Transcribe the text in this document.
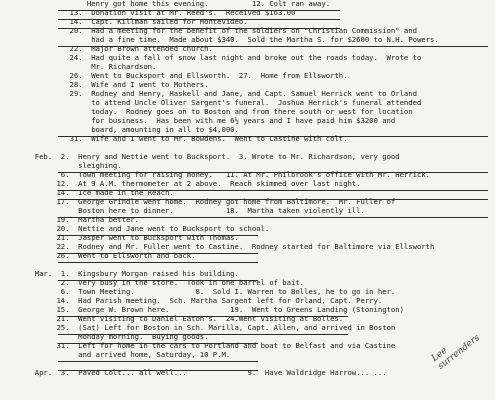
Henry got home this evening.          12. Colt ran away.
13.  Donation visit at Mr. Reed's.  Received $163.00
14.  Capt. Killman sailed for Montevideo.
20.  Had a meeting for the benefit of the soldiers on "Christian Commission" and
had a fine time.  Made about $340.  Sold the Martha S. for $2600 to N.H. Powers.
22.  Major Brown attended church.
24.  Had quite a fall of snow last night and broke out the roads today.  Wrote to
Mr. Richardson.
26.  Went to Bucksport and Ellsworth.  27.  Home from Ellsworth.
28.  Wife and I went to Mothers.
29.  Rodney and Henry, Haskell and Jane, and Capt. Samuel Herrick went to Orland
to attend Uncle Oliver Sargent's funeral.  Joshua Herrick's funeral attended
today.  Rodney goes on to Boston and from there south or west for location
for business.  Has been with me 6½ years and I have paid him $3200 and
board, amounting in all to $4,000.
31.  Wife and I went to Mr. Bowdens.  Went to Castine with colt.
Feb.  2.  Henry and Nettie went to Bucksport.  3. Wrote to Mr. Richardson, very good
sleighing.
6.  Town meeting for raising money.   11. At Mr. Philbrook's office with Mr. Herrick.
12.  At 9 A.M. thermometer at 2 above.  Reach skimmed over last night.
14.  Ice made in the Reach.
17.  George Grindle went home.  Rodney got home from Baltimore.  Mr. Fuller of
Boston here to dinner.            18.  Martha taken violently ill.
19.  Martha better.
20.  Nettie and Jane went to Bucksport to school.
21.  Jasper went to Bucksport with Thomas.
22.  Rodney and Mr. Fuller went to Castine.  Rodney started for Baltimore via Ellsworth
26.  Went to Ellsworth and back.
Mar.  1.  Kingsbury Morgan raised his building.
2.  Very busy in the store.  Took in one barrel of bait.
6.  Town Meeting.              8.  Sold I. Warren to Bolles, he to go in her.
14.  Had Parish meeting.  Sch. Martha Sargent left for Orland, Capt. Perry.
15.  George W. Brown here.              19.  Went to Greens Landing (Stonington)
21.  Went visiting to Daniel Eaton's.  24.Went visiting at Bolles.
25.  (Sat) Left for Boston in Sch. Marilla, Capt. Allen, and arrived in Boston
Monday morning.  Buying goods.
31.  Left for home in the cars to Portland and boat to Belfast and via Castine
and arrived home, Saturday, 10 P.M.
Apr.  3.  Paved Colt... all well...              9.  Have Waldridge Harrow... ...
Lee
surrenders
